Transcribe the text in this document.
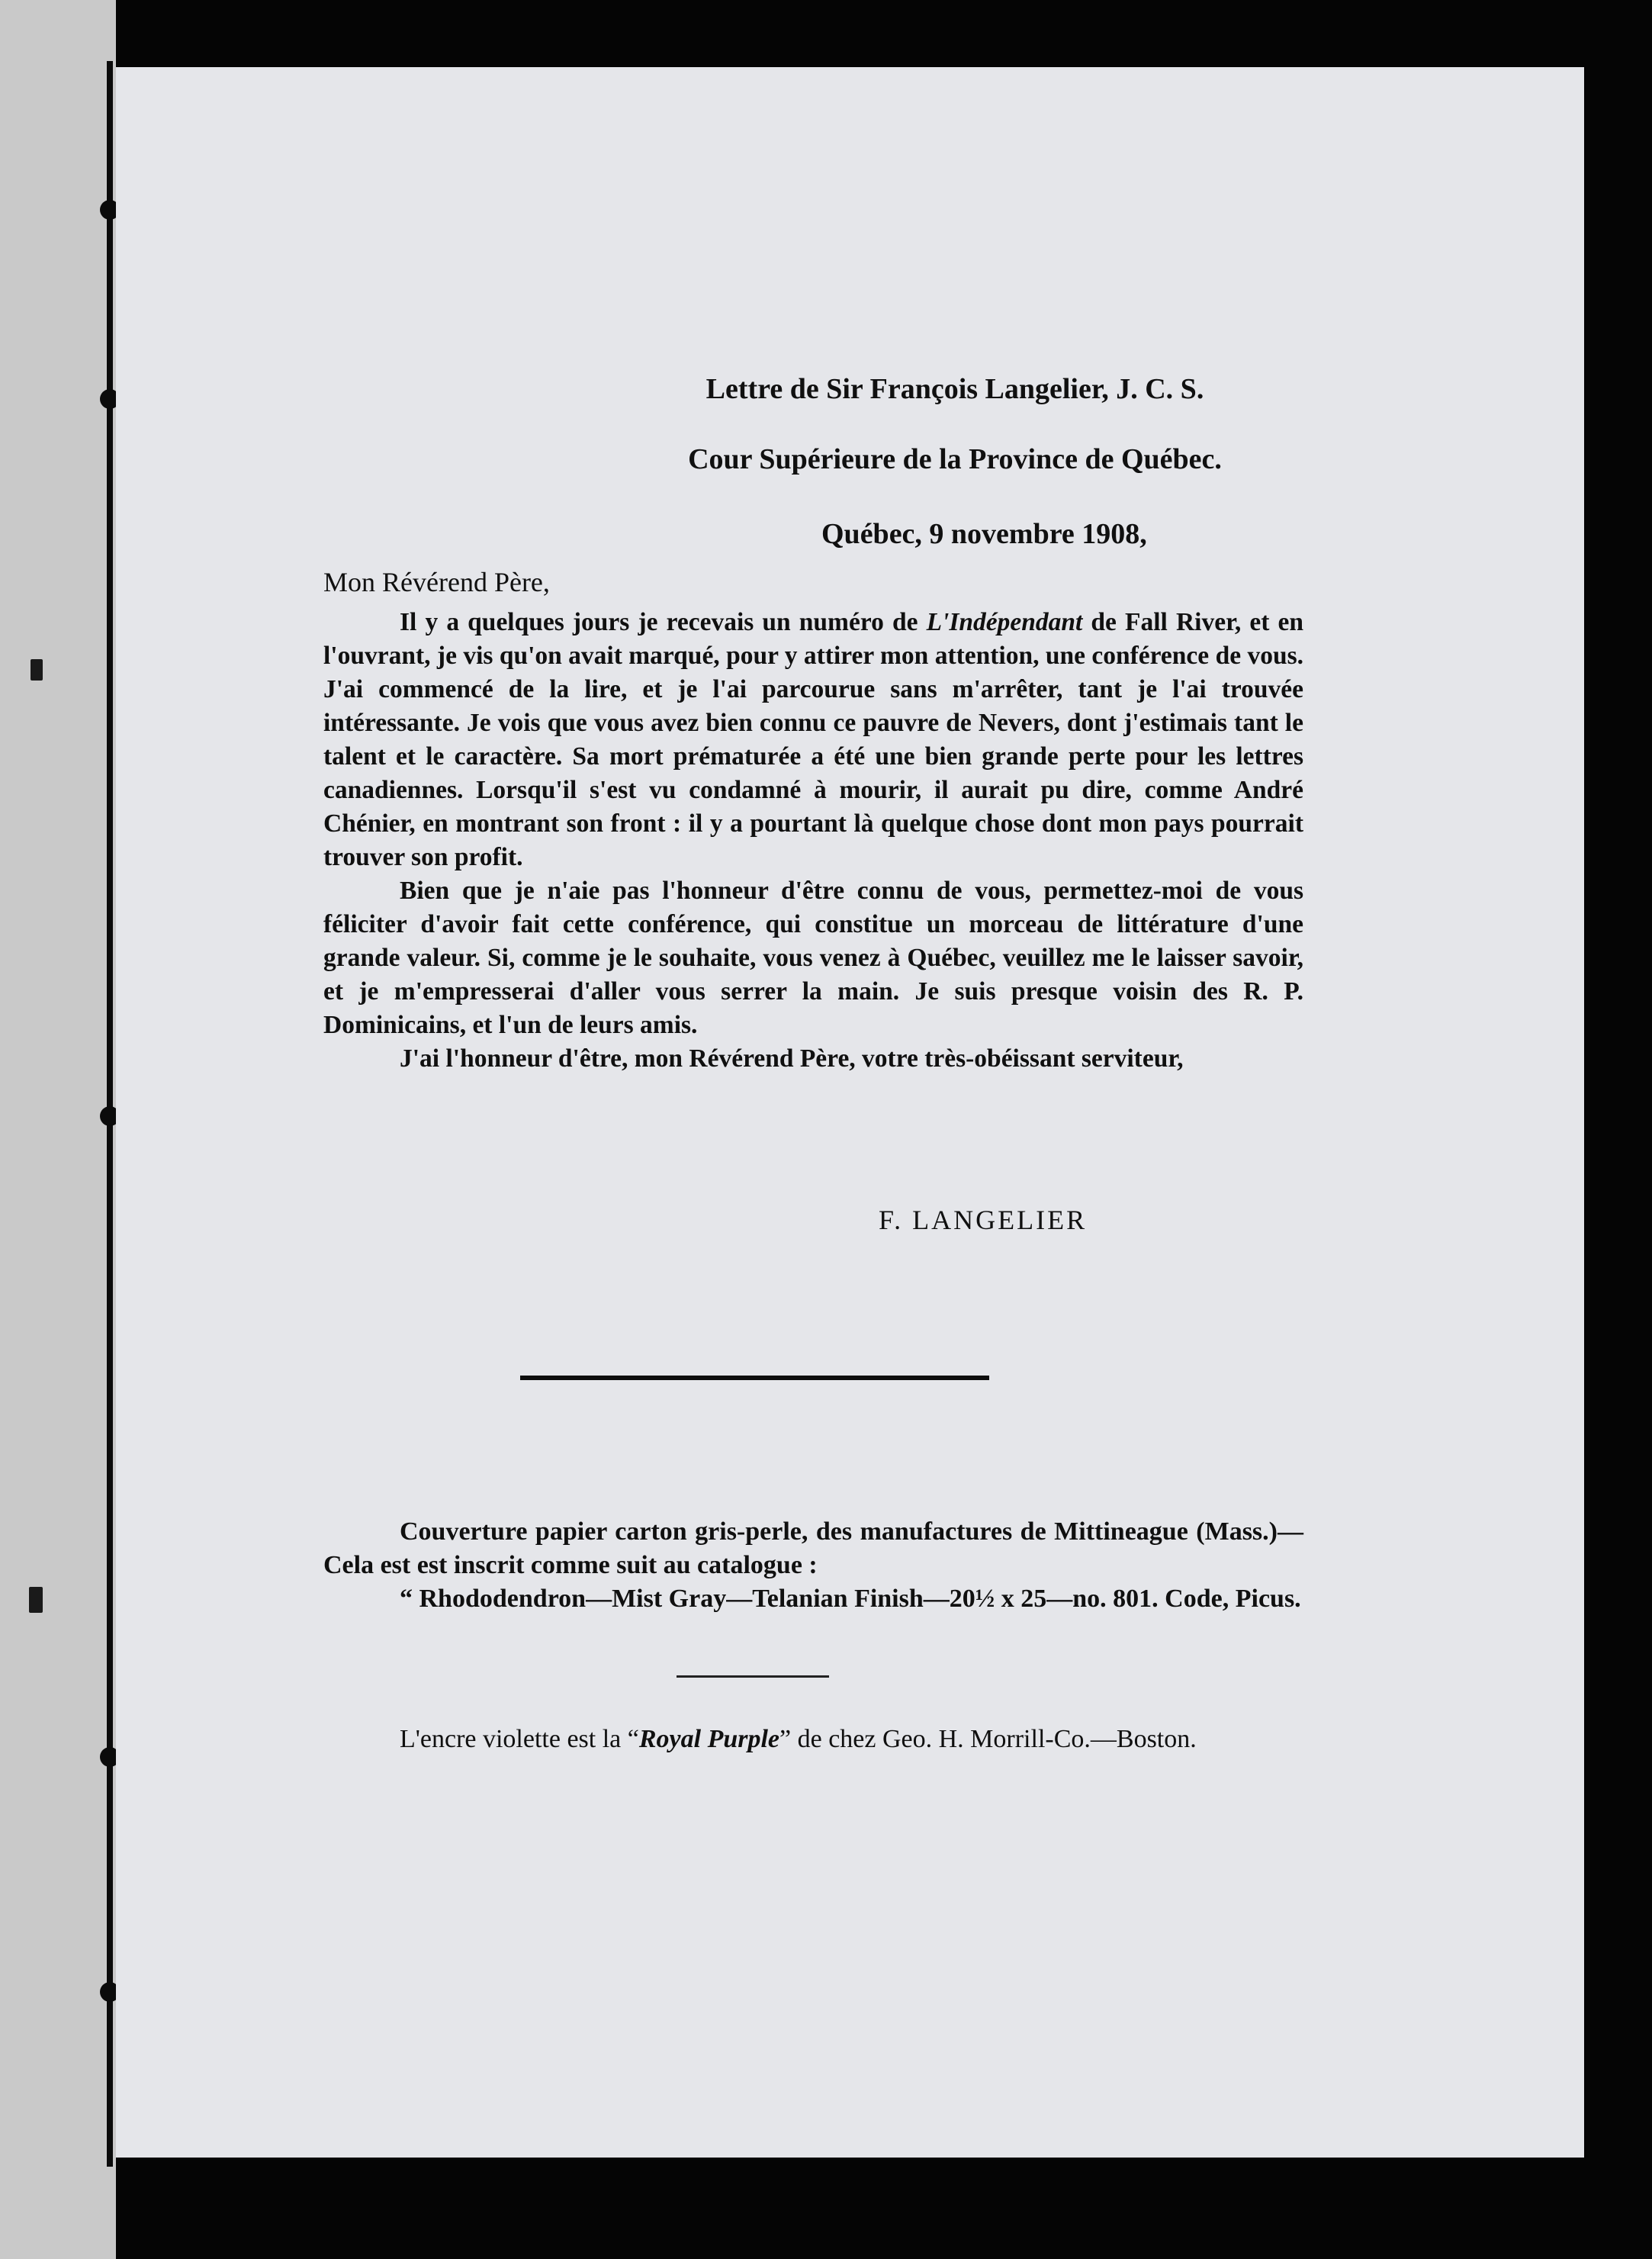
Lettre de Sir François Langelier, J. C. S.
Cour Supérieure de la Province de Québec.
Québec, 9 novembre 1908,
Mon Révérend Père,

Il y a quelques jours je recevais un numéro de L'Indépendant de Fall River, et en l'ouvrant, je vis qu'on avait marqué, pour y attirer mon attention, une conférence de vous. J'ai commencé de la lire, et je l'ai parcourue sans m'arrêter, tant je l'ai trouvée intéressante. Je vois que vous avez bien connu ce pauvre de Nevers, dont j'estimais tant le talent et le caractère. Sa mort prématurée a été une bien grande perte pour les lettres canadiennes. Lorsqu'il s'est vu condamné à mourir, il aurait pu dire, comme André Chénier, en montrant son front : il y a pourtant là quelque chose dont mon pays pourrait trouver son profit.

Bien que je n'aie pas l'honneur d'être connu de vous, permettez-moi de vous féliciter d'avoir fait cette conférence, qui constitue un morceau de littérature d'une grande valeur. Si, comme je le souhaite, vous venez à Québec, veuillez me le laisser savoir, et je m'empresserai d'aller vous serrer la main. Je suis presque voisin des R. P. Dominicains, et l'un de leurs amis.

J'ai l'honneur d'être, mon Révérend Père, votre très-obéissant serviteur,

F. LANGELIER

Couverture papier carton gris-perle, des manufactures de Mittineague (Mass.)—Cela est est inscrit comme suit au catalogue :

“ Rhododendron—Mist Gray—Telanian Finish—20½ x 25—no. 801. Code, Picus.

L'encre violette est la “Royal Purple” de chez Geo. H. Morrill-Co.—Boston.
